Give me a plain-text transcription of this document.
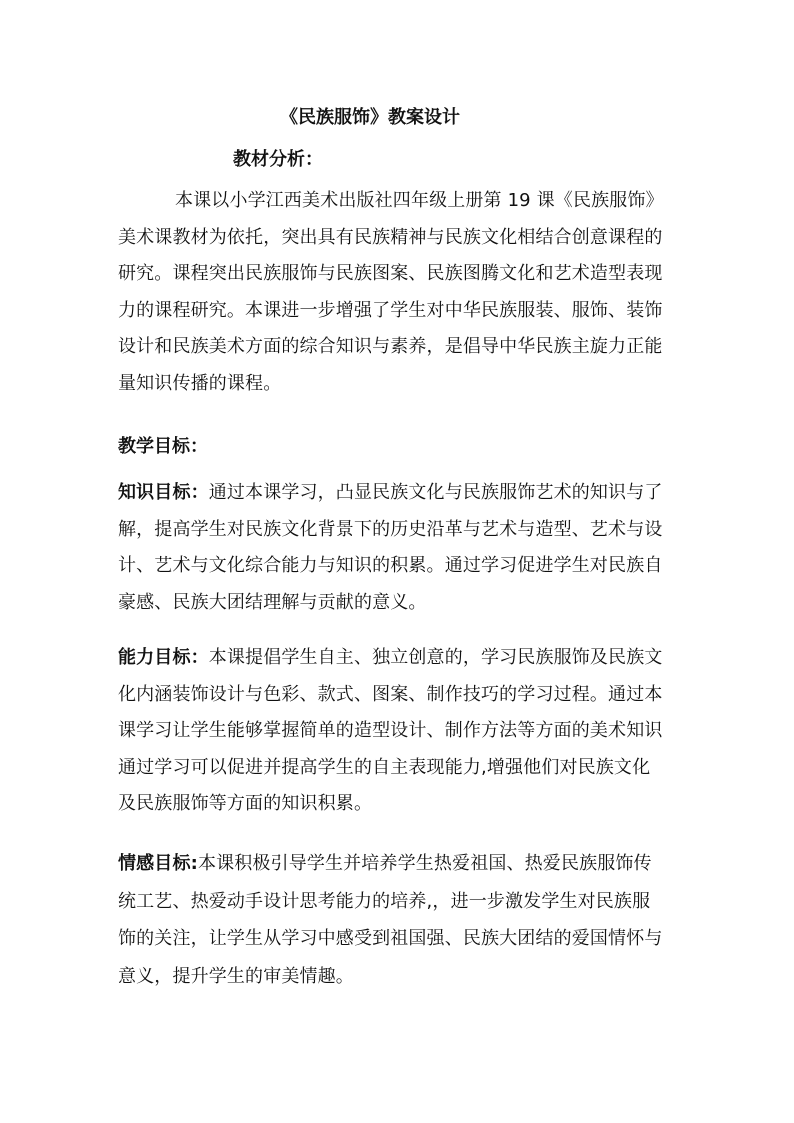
《民族服饰》教案设计
教材分析：
本课以小学江西美术出版社四年级上册第 19 课《民族服饰》
美术课教材为依托，突出具有民族精神与民族文化相结合创意课程的
研究。课程突出民族服饰与民族图案、民族图腾文化和艺术造型表现
力的课程研究。本课进一步增强了学生对中华民族服装、服饰、装饰
设计和民族美术方面的综合知识与素养，是倡导中华民族主旋力正能
量知识传播的课程。
教学目标：
知识目标：通过本课学习，凸显民族文化与民族服饰艺术的知识与了
解，提高学生对民族文化背景下的历史沿革与艺术与造型、艺术与设
计、艺术与文化综合能力与知识的积累。通过学习促进学生对民族自
豪感、民族大团结理解与贡献的意义。
能力目标：本课提倡学生自主、独立创意的，学习民族服饰及民族文
化内涵装饰设计与色彩、款式、图案、制作技巧的学习过程。通过本
课学习让学生能够掌握简单的造型设计、制作方法等方面的美术知识
通过学习可以促进并提高学生的自主表现能力,增强他们对民族文化
及民族服饰等方面的知识积累。
情感目标:本课积极引导学生并培养学生热爱祖国、热爱民族服饰传
统工艺、热爱动手设计思考能力的培养,，进一步激发学生对民族服
饰的关注，让学生从学习中感受到祖国强、民族大团结的爱国情怀与
意义，提升学生的审美情趣。
